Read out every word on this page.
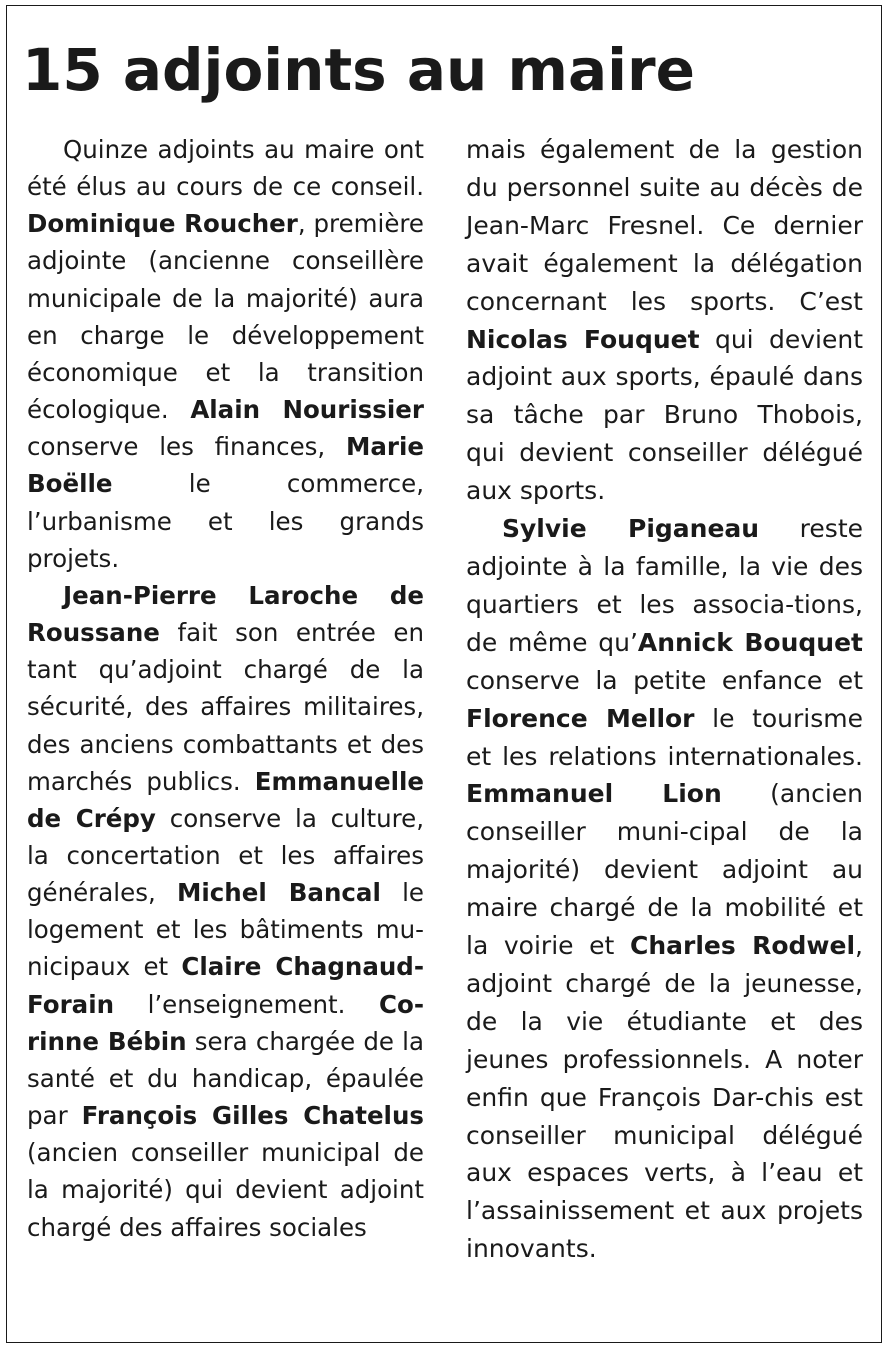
15 adjoints au maire

Quinze adjoints au maire ont été élus au cours de ce conseil. Dominique Roucher, première adjointe (ancienne conseillère municipale de la majorité) aura en charge le développement économique et la transition écologique. Alain Nourissier conserve les finances, Marie Boëlle le commerce, l’urbanisme et les grands projets.

Jean-Pierre Laroche de Roussane fait son entrée en tant qu’adjoint chargé de la sécurité, des affaires militaires, des anciens combattants et des marchés publics. Emmanuelle de Crépy conserve la culture, la concertation et les affaires générales, Michel Bancal le logement et les bâtiments mu-nicipaux et Claire Chagnaud-Forain l’enseignement. Co-rinne Bébin sera chargée de la santé et du handicap, épaulée par François Gilles Chatelus (ancien conseiller municipal de la majorité) qui devient adjoint chargé des affaires sociales

mais également de la gestion du personnel suite au décès de Jean-Marc Fresnel. Ce dernier avait également la délégation concernant les sports. C’est Nicolas Fouquet qui devient adjoint aux sports, épaulé dans sa tâche par Bruno Thobois, qui devient conseiller délégué aux sports.

Sylvie Piganeau reste adjointe à la famille, la vie des quartiers et les associa-tions, de même qu’Annick Bouquet conserve la petite enfance et Florence Mellor le tourisme et les relations internationales. Emmanuel Lion (ancien conseiller muni-cipal de la majorité) devient adjoint au maire chargé de la mobilité et la voirie et Charles Rodwel, adjoint chargé de la jeunesse, de la vie étudiante et des jeunes professionnels. A noter enfin que François Dar-chis est conseiller municipal délégué aux espaces verts, à l’eau et l’assainissement et aux projets innovants.
